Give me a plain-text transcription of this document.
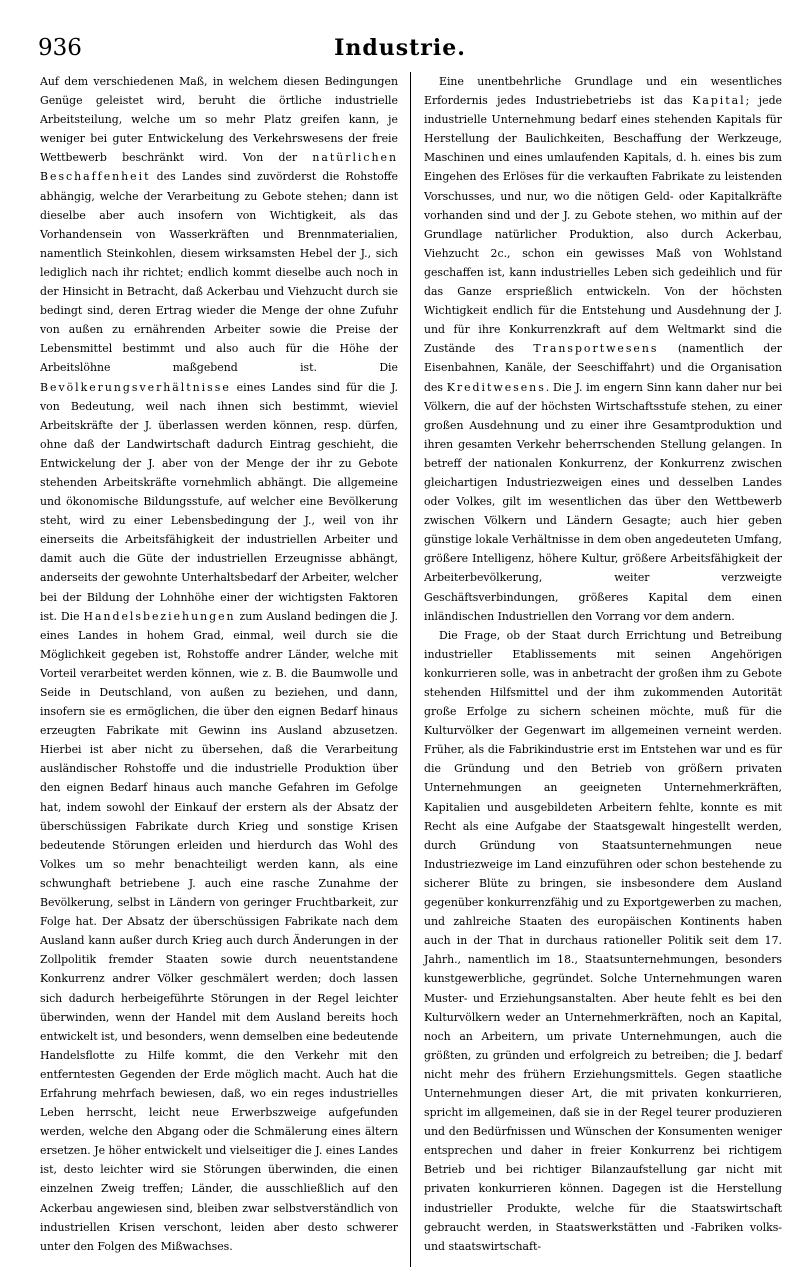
936	Industrie.

Auf dem verschiedenen Maß, in welchem diesen Bedingungen Genüge geleistet wird, beruht die örtliche industrielle Arbeitsteilung, welche um so mehr Platz greifen kann, je weniger bei guter Entwickelung des Verkehrswesens der freie Wettbewerb beschränkt wird. Von der natürlichen Beschaffenheit des Landes sind zuvörderst die Rohstoffe abhängig, welche der Verarbeitung zu Gebote stehen; dann ist dieselbe aber auch insofern von Wichtigkeit, als das Vorhandensein von Wasserkräften und Brennmaterialien, namentlich Steinkohlen, diesem wirksamsten Hebel der J., sich lediglich nach ihr richtet; endlich kommt dieselbe auch noch in der Hinsicht in Betracht, daß Ackerbau und Viehzucht durch sie bedingt sind, deren Ertrag wieder die Menge der ohne Zufuhr von außen zu ernährenden Arbeiter sowie die Preise der Lebensmittel bestimmt und also auch für die Höhe der Arbeitslöhne maßgebend ist. Die Bevölkerungsverhältnisse eines Landes sind für die J. von Bedeutung, weil nach ihnen sich bestimmt, wieviel Arbeitskräfte der J. überlassen werden können, resp. dürfen, ohne daß der Landwirtschaft dadurch Eintrag geschieht, die Entwickelung der J. aber von der Menge der ihr zu Gebote stehenden Arbeitskräfte vornehmlich abhängt. Die allgemeine und ökonomische Bildungsstufe, auf welcher eine Bevölkerung steht, wird zu einer Lebensbedingung der J., weil von ihr einerseits die Arbeitsfähigkeit der industriellen Arbeiter und damit auch die Güte der industriellen Erzeugnisse abhängt, anderseits der gewohnte Unterhaltsbedarf der Arbeiter, welcher bei der Bildung der Lohnhöhe einer der wichtigsten Faktoren ist. Die Handelsbeziehungen zum Ausland bedingen die J. eines Landes in hohem Grad, einmal, weil durch sie die Möglichkeit gegeben ist, Rohstoffe andrer Länder, welche mit Vorteil verarbeitet werden können, wie z. B. die Baumwolle und Seide in Deutschland, von außen zu beziehen, und dann, insofern sie es ermöglichen, die über den eignen Bedarf hinaus erzeugten Fabrikate mit Gewinn ins Ausland abzusetzen. Hierbei ist aber nicht zu übersehen, daß die Verarbeitung ausländischer Rohstoffe und die industrielle Produktion über den eignen Bedarf hinaus auch manche Gefahren im Gefolge hat, indem sowohl der Einkauf der erstern als der Absatz der überschüssigen Fabrikate durch Krieg und sonstige Krisen bedeutende Störungen erleiden und hierdurch das Wohl des Volkes um so mehr benachteiligt werden kann, als eine schwunghaft betriebene J. auch eine rasche Zunahme der Bevölkerung, selbst in Ländern von geringer Fruchtbarkeit, zur Folge hat. Der Absatz der überschüssigen Fabrikate nach dem Ausland kann außer durch Krieg auch durch Änderungen in der Zollpolitik fremder Staaten sowie durch neuentstandene Konkurrenz andrer Völker geschmälert werden; doch lassen sich dadurch herbeigeführte Störungen in der Regel leichter überwinden, wenn der Handel mit dem Ausland bereits hoch entwickelt ist, und besonders, wenn demselben eine bedeutende Handelsflotte zu Hilfe kommt, die den Verkehr mit den entferntesten Gegenden der Erde möglich macht. Auch hat die Erfahrung mehrfach bewiesen, daß, wo ein reges industrielles Leben herrscht, leicht neue Erwerbszweige aufgefunden werden, welche den Abgang oder die Schmälerung eines ältern ersetzen. Je höher entwickelt und vielseitiger die J. eines Landes ist, desto leichter wird sie Störungen überwinden, die einen einzelnen Zweig treffen; Länder, die ausschließlich auf den Ackerbau angewiesen sind, bleiben zwar selbstverständlich von industriellen Krisen verschont, leiden aber desto schwerer unter den Folgen des Mißwachses.

Eine unentbehrliche Grundlage und ein wesentliches Erfordernis jedes Industriebetriebs ist das Kapital; jede industrielle Unternehmung bedarf eines stehenden Kapitals für Herstellung der Baulichkeiten, Beschaffung der Werkzeuge, Maschinen und eines umlaufenden Kapitals, d. h. eines bis zum Eingehen des Erlöses für die verkauften Fabrikate zu leistenden Vorschusses, und nur, wo die nötigen Geld- oder Kapitalkräfte vorhanden sind und der J. zu Gebote stehen, wo mithin auf der Grundlage natürlicher Produktion, also durch Ackerbau, Viehzucht 2c., schon ein gewisses Maß von Wohlstand geschaffen ist, kann industrielles Leben sich gedeihlich und für das Ganze ersprießlich entwickeln. Von der höchsten Wichtigkeit endlich für die Entstehung und Ausdehnung der J. und für ihre Konkurrenzkraft auf dem Weltmarkt sind die Zustände des Transportwesens (namentlich der Eisenbahnen, Kanäle, der Seeschiffahrt) und die Organisation des Kreditwesens. Die J. im engern Sinn kann daher nur bei Völkern, die auf der höchsten Wirtschaftsstufe stehen, zu einer großen Ausdehnung und zu einer ihre Gesamtproduktion und ihren gesamten Verkehr beherrschenden Stellung gelangen. In betreff der nationalen Konkurrenz, der Konkurrenz zwischen gleichartigen Industriezweigen eines und desselben Landes oder Volkes, gilt im wesentlichen das über den Wettbewerb zwischen Völkern und Ländern Gesagte; auch hier geben günstige lokale Verhältnisse in dem oben angedeuteten Umfang, größere Intelligenz, höhere Kultur, größere Arbeitsfähigkeit der Arbeiterbevölkerung, weiter verzweigte Geschäftsverbindungen, größeres Kapital dem einen inländischen Industriellen den Vorrang vor dem andern.

Die Frage, ob der Staat durch Errichtung und Betreibung industrieller Etablissements mit seinen Angehörigen konkurrieren solle, was in anbetracht der großen ihm zu Gebote stehenden Hilfsmittel und der ihm zukommenden Autorität große Erfolge zu sichern scheinen möchte, muß für die Kulturvölker der Gegenwart im allgemeinen verneint werden. Früher, als die Fabrikindustrie erst im Entstehen war und es für die Gründung und den Betrieb von größern privaten Unternehmungen an geeigneten Unternehmerkräften, Kapitalien und ausgebildeten Arbeitern fehlte, konnte es mit Recht als eine Aufgabe der Staatsgewalt hingestellt werden, durch Gründung von Staatsunternehmungen neue Industriezweige im Land einzuführen oder schon bestehende zu sicherer Blüte zu bringen, sie insbesondere dem Ausland gegenüber konkurrenzfähig und zu Exportgewerben zu machen, und zahlreiche Staaten des europäischen Kontinents haben auch in der That in durchaus rationeller Politik seit dem 17. Jahrh., namentlich im 18., Staatsunternehmungen, besonders kunstgewerbliche, gegründet. Solche Unternehmungen waren Muster- und Erziehungsanstalten. Aber heute fehlt es bei den Kulturvölkern weder an Unternehmerkräften, noch an Kapital, noch an Arbeitern, um private Unternehmungen, auch die größten, zu gründen und erfolgreich zu betreiben; die J. bedarf nicht mehr des frühern Erziehungsmittels. Gegen staatliche Unternehmungen dieser Art, die mit privaten konkurrieren, spricht im allgemeinen, daß sie in der Regel teurer produzieren und den Bedürfnissen und Wünschen der Konsumenten weniger entsprechen und daher in freier Konkurrenz bei richtigem Betrieb und bei richtiger Bilanzaufstellung gar nicht mit privaten konkurrieren können. Dagegen ist die Herstellung industrieller Produkte, welche für die Staatswirtschaft gebraucht werden, in Staatswerkstätten und -Fabriken volks- und staatswirtschaft-
